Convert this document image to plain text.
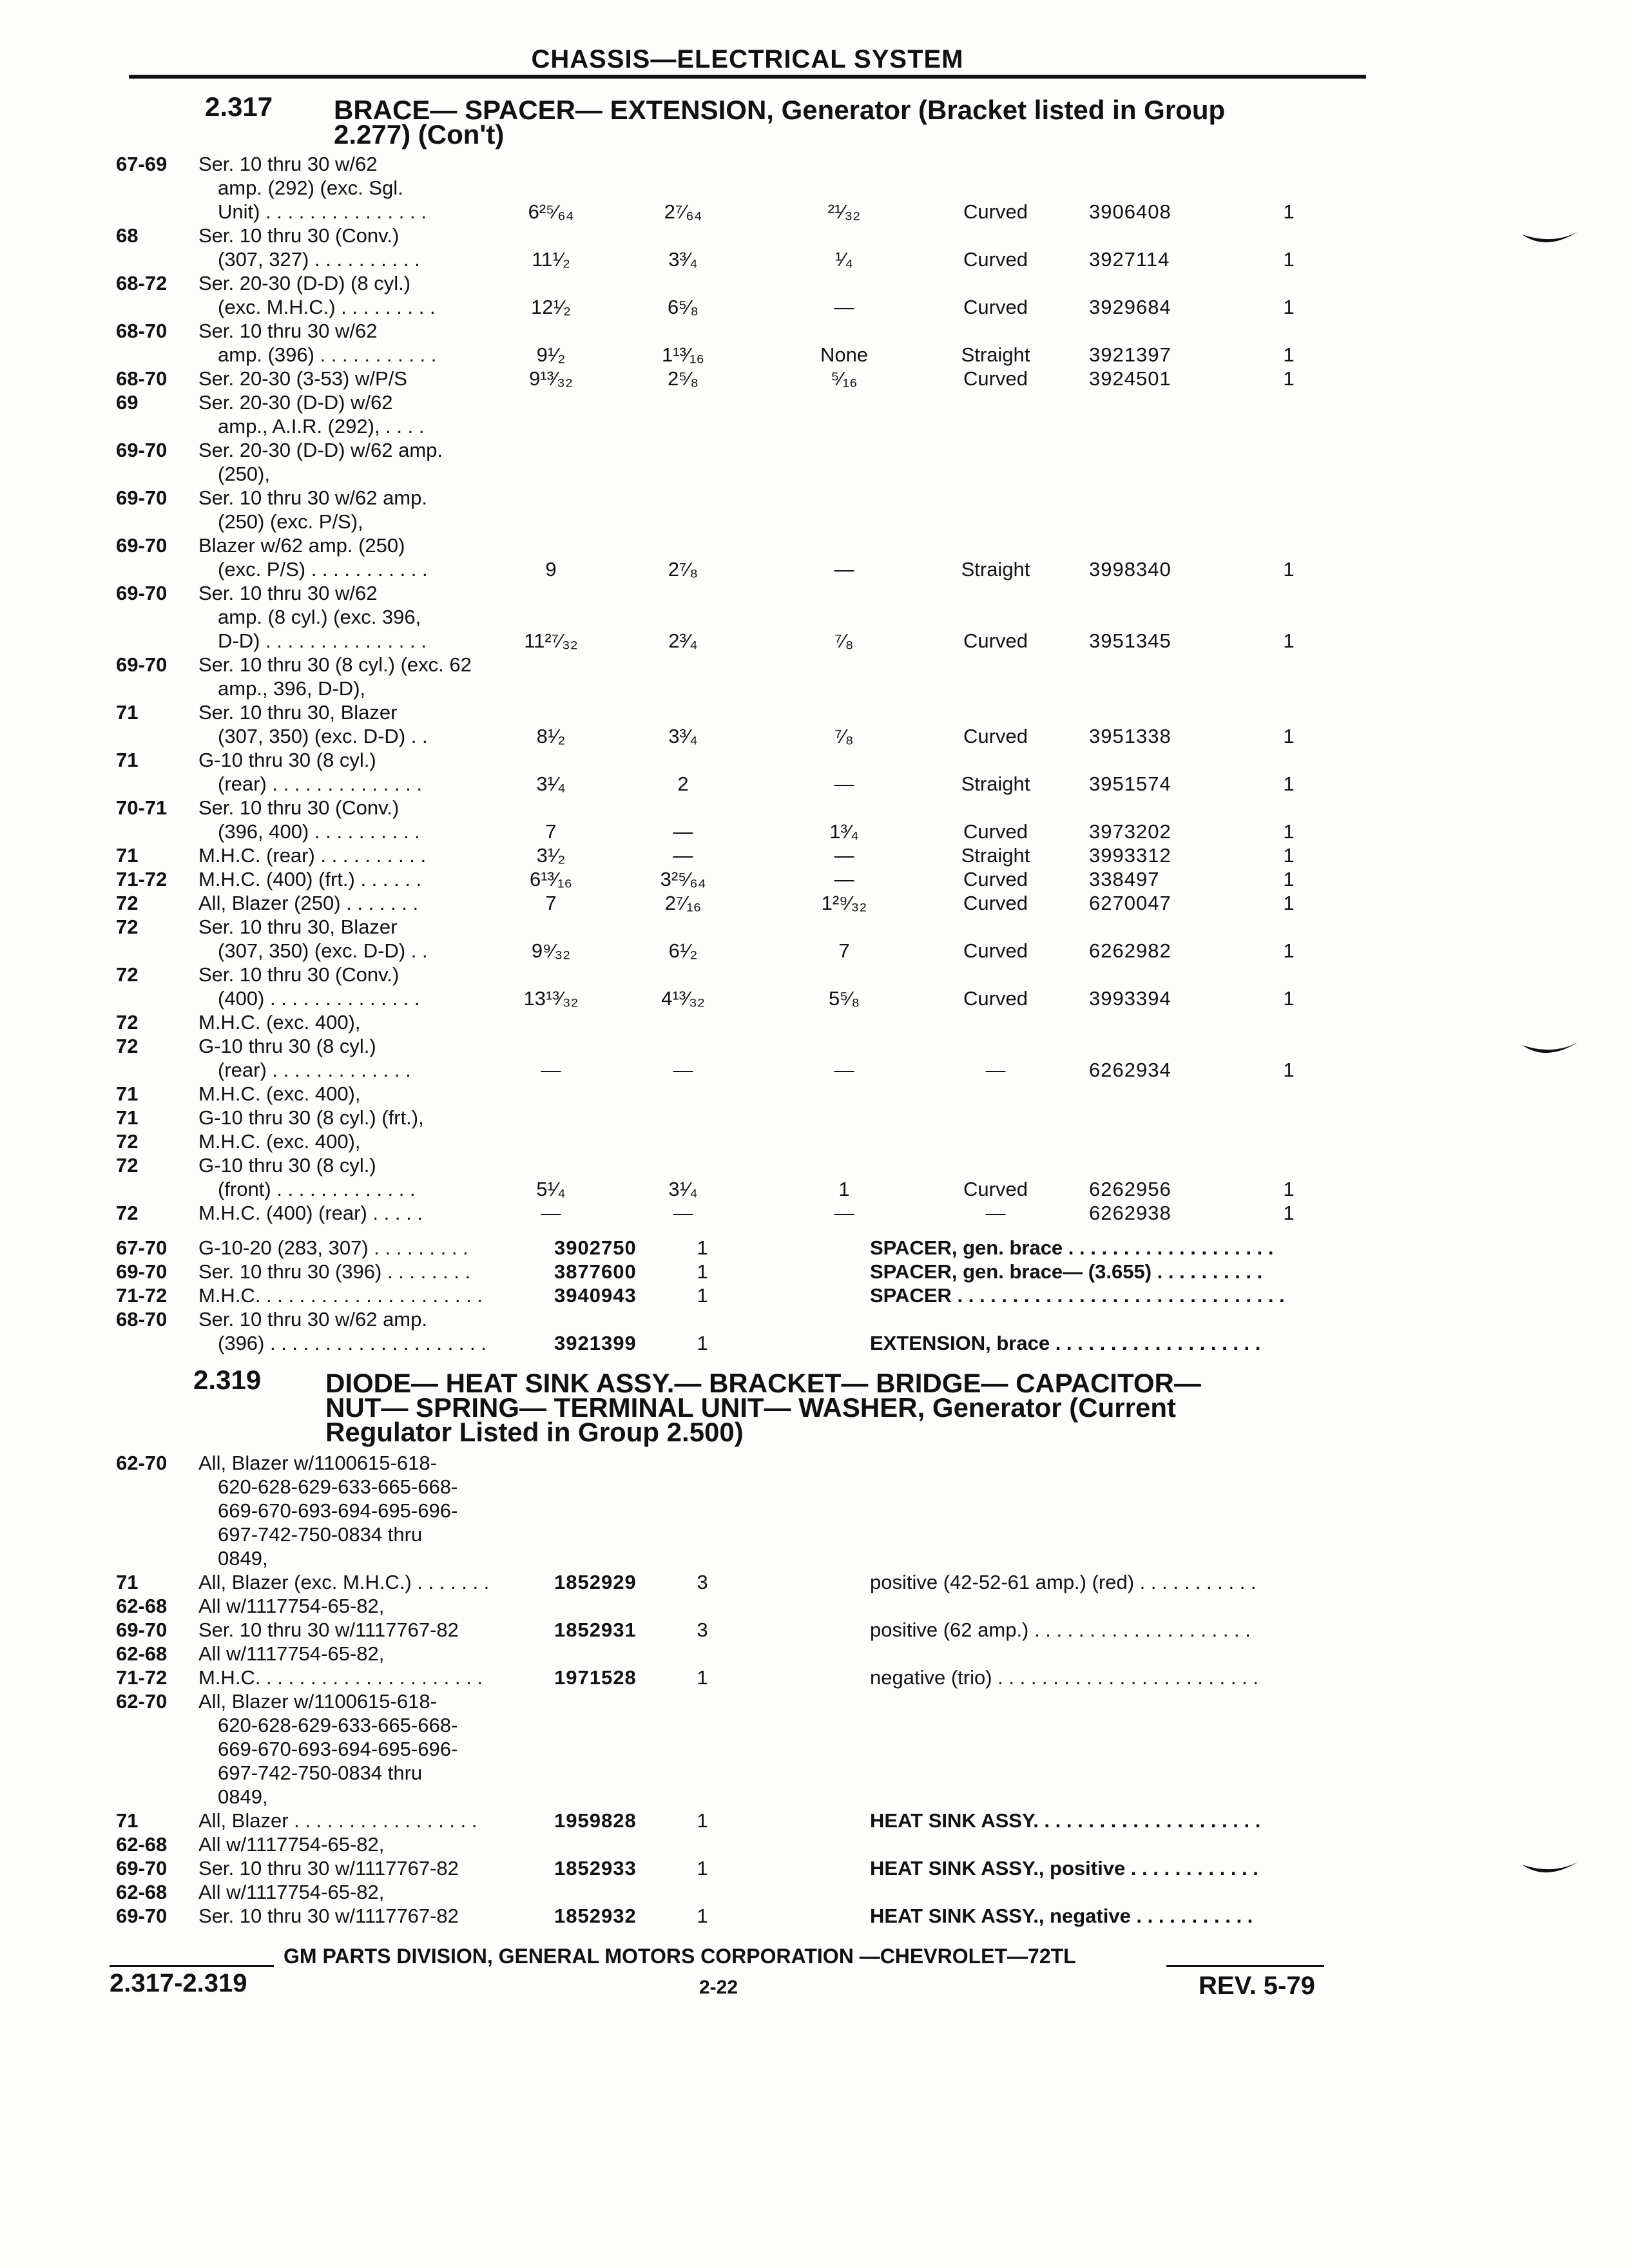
CHASSIS—ELECTRICAL SYSTEM
2.317 BRACE— SPACER— EXTENSION, Generator (Bracket listed in Group
2.277) (Con't)
67-69 Ser. 10 thru 30 w/62
amp. (292) (exc. Sgl.
Unit) . . . . . . . . . . . . . . .	6²⁵⁄₆₄	2⁷⁄₆₄	²¹⁄₃₂	Curved	3906408	1
68	Ser. 10 thru 30 (Conv.)
(307, 327) . . . . . . . . . .	11¹⁄₂	3³⁄₄	¹⁄₄	Curved	3927114	1
68-72 Ser. 20-30 (D-D) (8 cyl.)
(exc. M.H.C.) . . . . . . . . .	12¹⁄₂	6⁵⁄₈	—	Curved	3929684	1
68-70 Ser. 10 thru 30 w/62
amp. (396) . . . . . . . . . . .	9¹⁄₂	1¹³⁄₁₆	None	Straight	3921397	1
68-70 Ser. 20-30 (3-53) w/P/S	9¹³⁄₃₂	2⁵⁄₈	⁵⁄₁₆	Curved	3924501	1
69	Ser. 20-30 (D-D) w/62
amp., A.I.R. (292), . . . .
69-70 Ser. 20-30 (D-D) w/62 amp.
(250),
69-70 Ser. 10 thru 30 w/62 amp.
(250) (exc. P/S),
69-70 Blazer w/62 amp. (250)
(exc. P/S) . . . . . . . . . . .	9	2⁷⁄₈	—	Straight	3998340	1
69-70 Ser. 10 thru 30 w/62
amp. (8 cyl.) (exc. 396,
D-D) . . . . . . . . . . . . . . .	11²⁷⁄₃₂	2³⁄₄	⁷⁄₈	Curved	3951345	1
69-70 Ser. 10 thru 30 (8 cyl.) (exc. 62
amp., 396, D-D),
71	Ser. 10 thru 30, Blazer
(307, 350) (exc. D-D) . .	8¹⁄₂	3³⁄₄	⁷⁄₈	Curved	3951338	1
71	G-10 thru 30 (8 cyl.)
(rear) . . . . . . . . . . . . . .	3¹⁄₄	2	—	Straight	3951574	1
70-71 Ser. 10 thru 30 (Conv.)
(396, 400) . . . . . . . . . .	7	—	1³⁄₄	Curved	3973202	1
71	M.H.C. (rear) . . . . . . . . . .	3¹⁄₂	—	—	Straight	3993312	1
71-72 M.H.C. (400) (frt.) . . . . . .	6¹³⁄₁₆	3²⁵⁄₆₄	—	Curved	338497	1
72	All, Blazer (250) . . . . . . .	7	2⁷⁄₁₆	1²⁹⁄₃₂	Curved	6270047	1
72	Ser. 10 thru 30, Blazer
(307, 350) (exc. D-D) . .	9⁹⁄₃₂	6¹⁄₂	7	Curved	6262982	1
72	Ser. 10 thru 30 (Conv.)
(400) . . . . . . . . . . . . . .	13¹³⁄₃₂	4¹³⁄₃₂	5⁵⁄₈	Curved	3993394	1
72	M.H.C. (exc. 400),
72	G-10 thru 30 (8 cyl.)
(rear) . . . . . . . . . . . . .	—	—	—	—	6262934	1
71	M.H.C. (exc. 400),
71	G-10 thru 30 (8 cyl.) (frt.),
72	M.H.C. (exc. 400),
72	G-10 thru 30 (8 cyl.)
(front) . . . . . . . . . . . . .	5¹⁄₄	3¹⁄₄	1	Curved	6262956	1
72	M.H.C. (400) (rear) . . . . .	—	—	—	—	6262938	1
67-70 G-10-20 (283, 307) . . . . . . . . .	3902750	1	SPACER, gen. brace . . . . . . . . . . . . . . . . . . .
69-70 Ser. 10 thru 30 (396) . . . . . . . .	3877600	1	SPACER, gen. brace— (3.655) . . . . . . . . . .
71-72 M.H.C. . . . . . . . . . . . . . . . . . . . .	3940943	1	SPACER . . . . . . . . . . . . . . . . . . . . . . . . . . . . . .
68-70 Ser. 10 thru 30 w/62 amp.
(396) . . . . . . . . . . . . . . . . . . . .	3921399	1	EXTENSION, brace . . . . . . . . . . . . . . . . . . .
2.319 DIODE— HEAT SINK ASSY.— BRACKET— BRIDGE— CAPACITOR—
NUT— SPRING— TERMINAL UNIT— WASHER, Generator (Current
Regulator Listed in Group 2.500)
62-70 All, Blazer w/1100615-618-
620-628-629-633-665-668-
669-670-693-694-695-696-
697-742-750-0834 thru
0849,
71	All, Blazer (exc. M.H.C.) . . . . . . .	1852929	3	positive (42-52-61 amp.) (red) . . . . . . . . . . .
62-68 All w/1117754-65-82,
69-70 Ser. 10 thru 30 w/1117767-82	1852931	3	positive (62 amp.) . . . . . . . . . . . . . . . . . . . .
62-68 All w/1117754-65-82,
71-72 M.H.C. . . . . . . . . . . . . . . . . . . . .	1971528	1	negative (trio) . . . . . . . . . . . . . . . . . . . . . . . .
62-70 All, Blazer w/1100615-618-
620-628-629-633-665-668-
669-670-693-694-695-696-
697-742-750-0834 thru
0849,
71	All, Blazer . . . . . . . . . . . . . . . . .	1959828	1	HEAT SINK ASSY. . . . . . . . . . . . . . . . . . . . .
62-68 All w/1117754-65-82,
69-70 Ser. 10 thru 30 w/1117767-82	1852933	1	HEAT SINK ASSY., positive . . . . . . . . . . . .
62-68 All w/1117754-65-82,
69-70 Ser. 10 thru 30 w/1117767-82	1852932	1	HEAT SINK ASSY., negative . . . . . . . . . . .
GM PARTS DIVISION, GENERAL MOTORS CORPORATION —CHEVROLET—72TL
2.317-2.319	2-22	REV. 5-79
